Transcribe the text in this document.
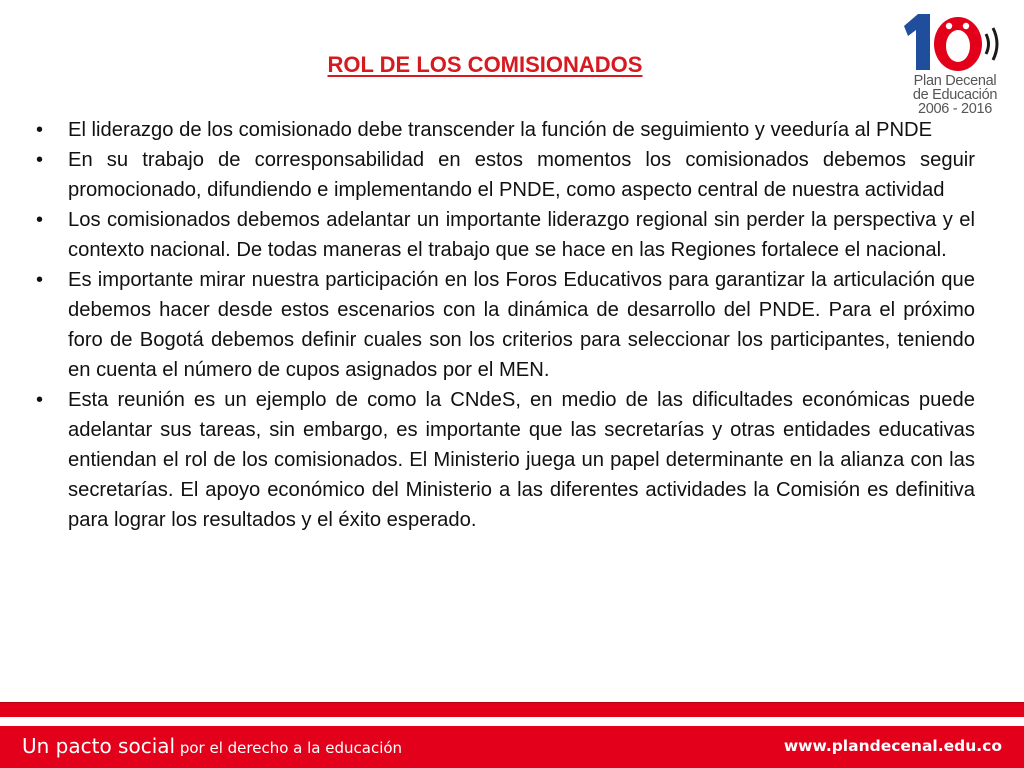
ROL DE LOS COMISIONADOS
Plan Decenal
de Educación
2006 - 2016
• El liderazgo de los comisionado debe transcender la función de seguimiento y veeduría al PNDE
• En su trabajo de corresponsabilidad en estos momentos los comisionados debemos seguir promocionado, difundiendo e implementando el PNDE, como aspecto central de nuestra actividad
• Los comisionados debemos adelantar un importante liderazgo regional sin perder la perspectiva y el contexto nacional. De todas maneras el trabajo que se hace en las Regiones fortalece el nacional.
• Es importante mirar nuestra participación en los Foros Educativos para garantizar la articulación que debemos hacer desde estos escenarios con la dinámica de desarrollo del PNDE. Para el próximo foro de Bogotá debemos definir cuales son los criterios para seleccionar los participantes, teniendo en cuenta el número de cupos asignados por el MEN.
• Esta reunión es un ejemplo de como la CNdeS, en medio de las dificultades económicas puede adelantar sus tareas, sin embargo, es importante que las secretarías y otras entidades educativas entiendan el rol de los comisionados. El Ministerio juega un papel determinante en la alianza con las secretarías. El apoyo económico del Ministerio a las diferentes actividades la Comisión es definitiva para lograr los resultados y el éxito esperado.
Un pacto social por el derecho a la educación	www.plandecenal.edu.co
